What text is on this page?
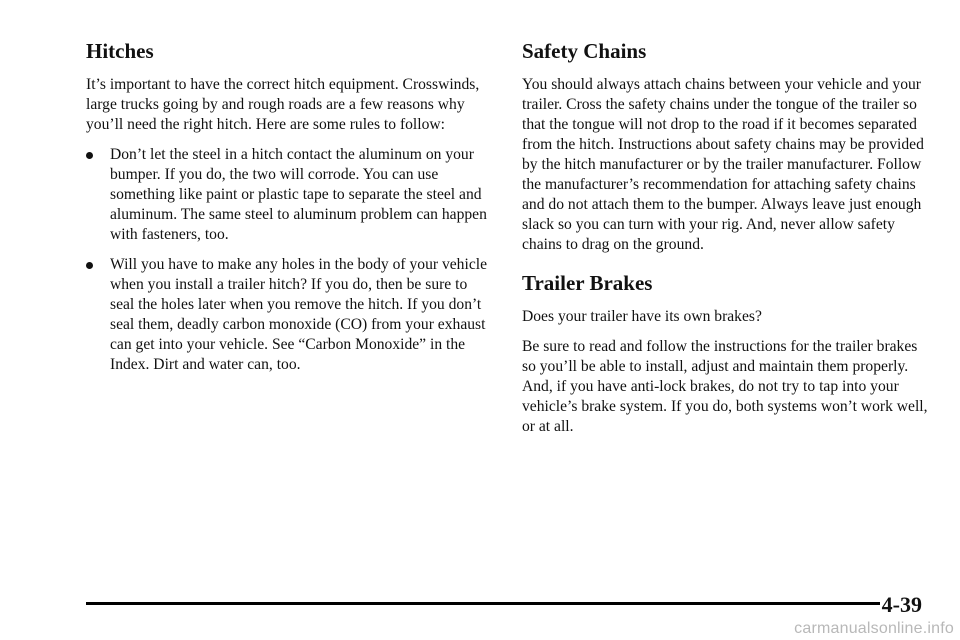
Hitches

It’s important to have the correct hitch equipment. Crosswinds, large trucks going by and rough roads are a few reasons why you’ll need the right hitch. Here are some rules to follow:

Don’t let the steel in a hitch contact the aluminum on your bumper. If you do, the two will corrode. You can use something like paint or plastic tape to separate the steel and aluminum. The same steel to aluminum problem can happen with fasteners, too.
Will you have to make any holes in the body of your vehicle when you install a trailer hitch? If you do, then be sure to seal the holes later when you remove the hitch. If you don’t seal them, deadly carbon monoxide (CO) from your exhaust can get into your vehicle. See “Carbon Monoxide” in the Index. Dirt and water can, too.
Safety Chains

You should always attach chains between your vehicle and your trailer. Cross the safety chains under the tongue of the trailer so that the tongue will not drop to the road if it becomes separated from the hitch. Instructions about safety chains may be provided by the hitch manufacturer or by the trailer manufacturer. Follow the manufacturer’s recommendation for attaching safety chains and do not attach them to the bumper. Always leave just enough slack so you can turn with your rig. And, never allow safety chains to drag on the ground.

Trailer Brakes

Does your trailer have its own brakes?

Be sure to read and follow the instructions for the trailer brakes so you’ll be able to install, adjust and maintain them properly. And, if you have anti-lock brakes, do not try to tap into your vehicle’s brake system. If you do, both systems won’t work well, or at all.

4-39
carmanualsonline.info
